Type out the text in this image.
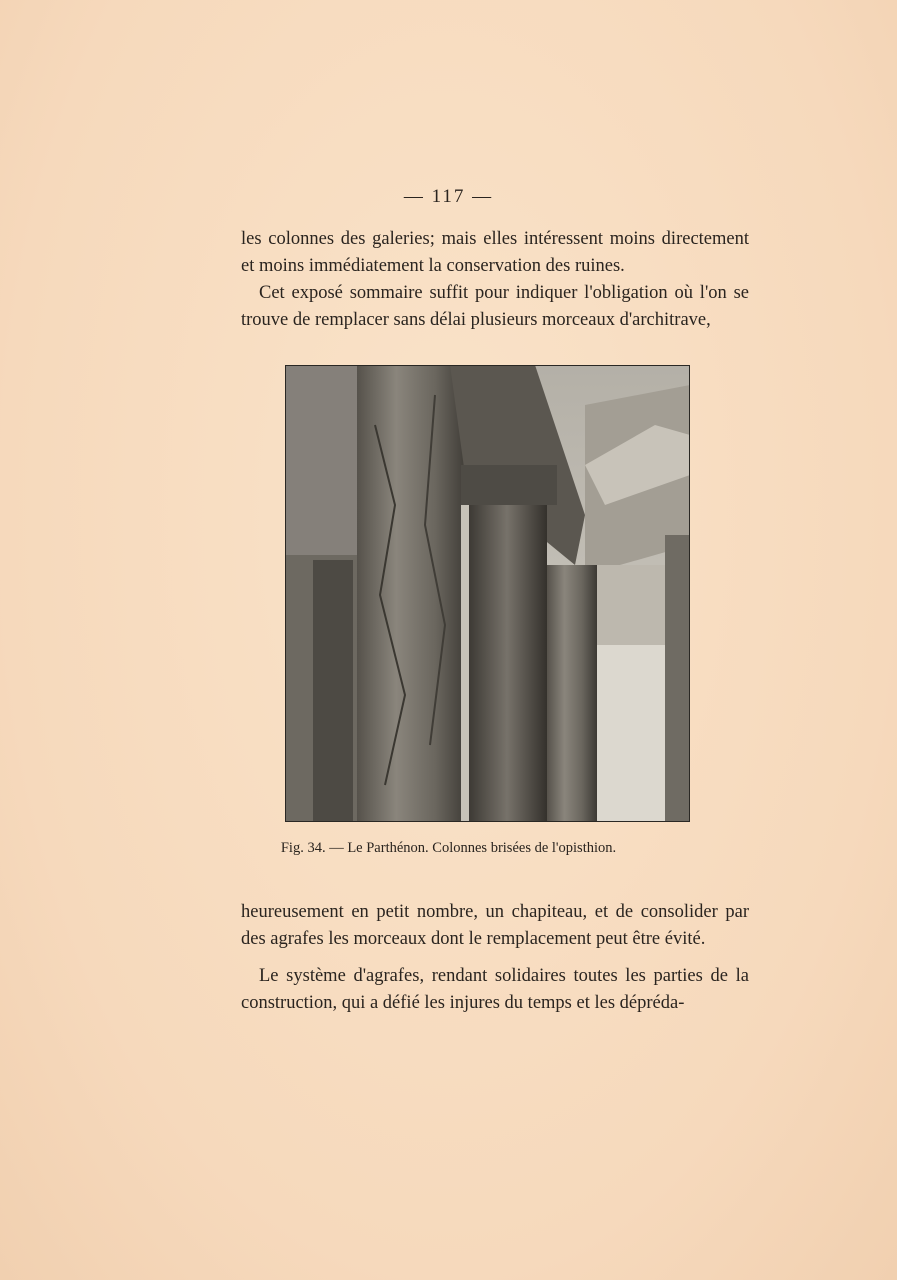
— 117 —

les colonnes des galeries; mais elles intéressent moins directement et moins immédiatement la conservation des ruines.

Cet exposé sommaire suffit pour indiquer l'obligation où l'on se trouve de remplacer sans délai plusieurs morceaux d'architrave,

Fig. 34. — Le Parthénon. Colonnes brisées de l'opisthion.

heureusement en petit nombre, un chapiteau, et de consolider par des agrafes les morceaux dont le remplacement peut être évité.

Le système d'agrafes, rendant solidaires toutes les parties de la construction, qui a défié les injures du temps et les dépréda-
